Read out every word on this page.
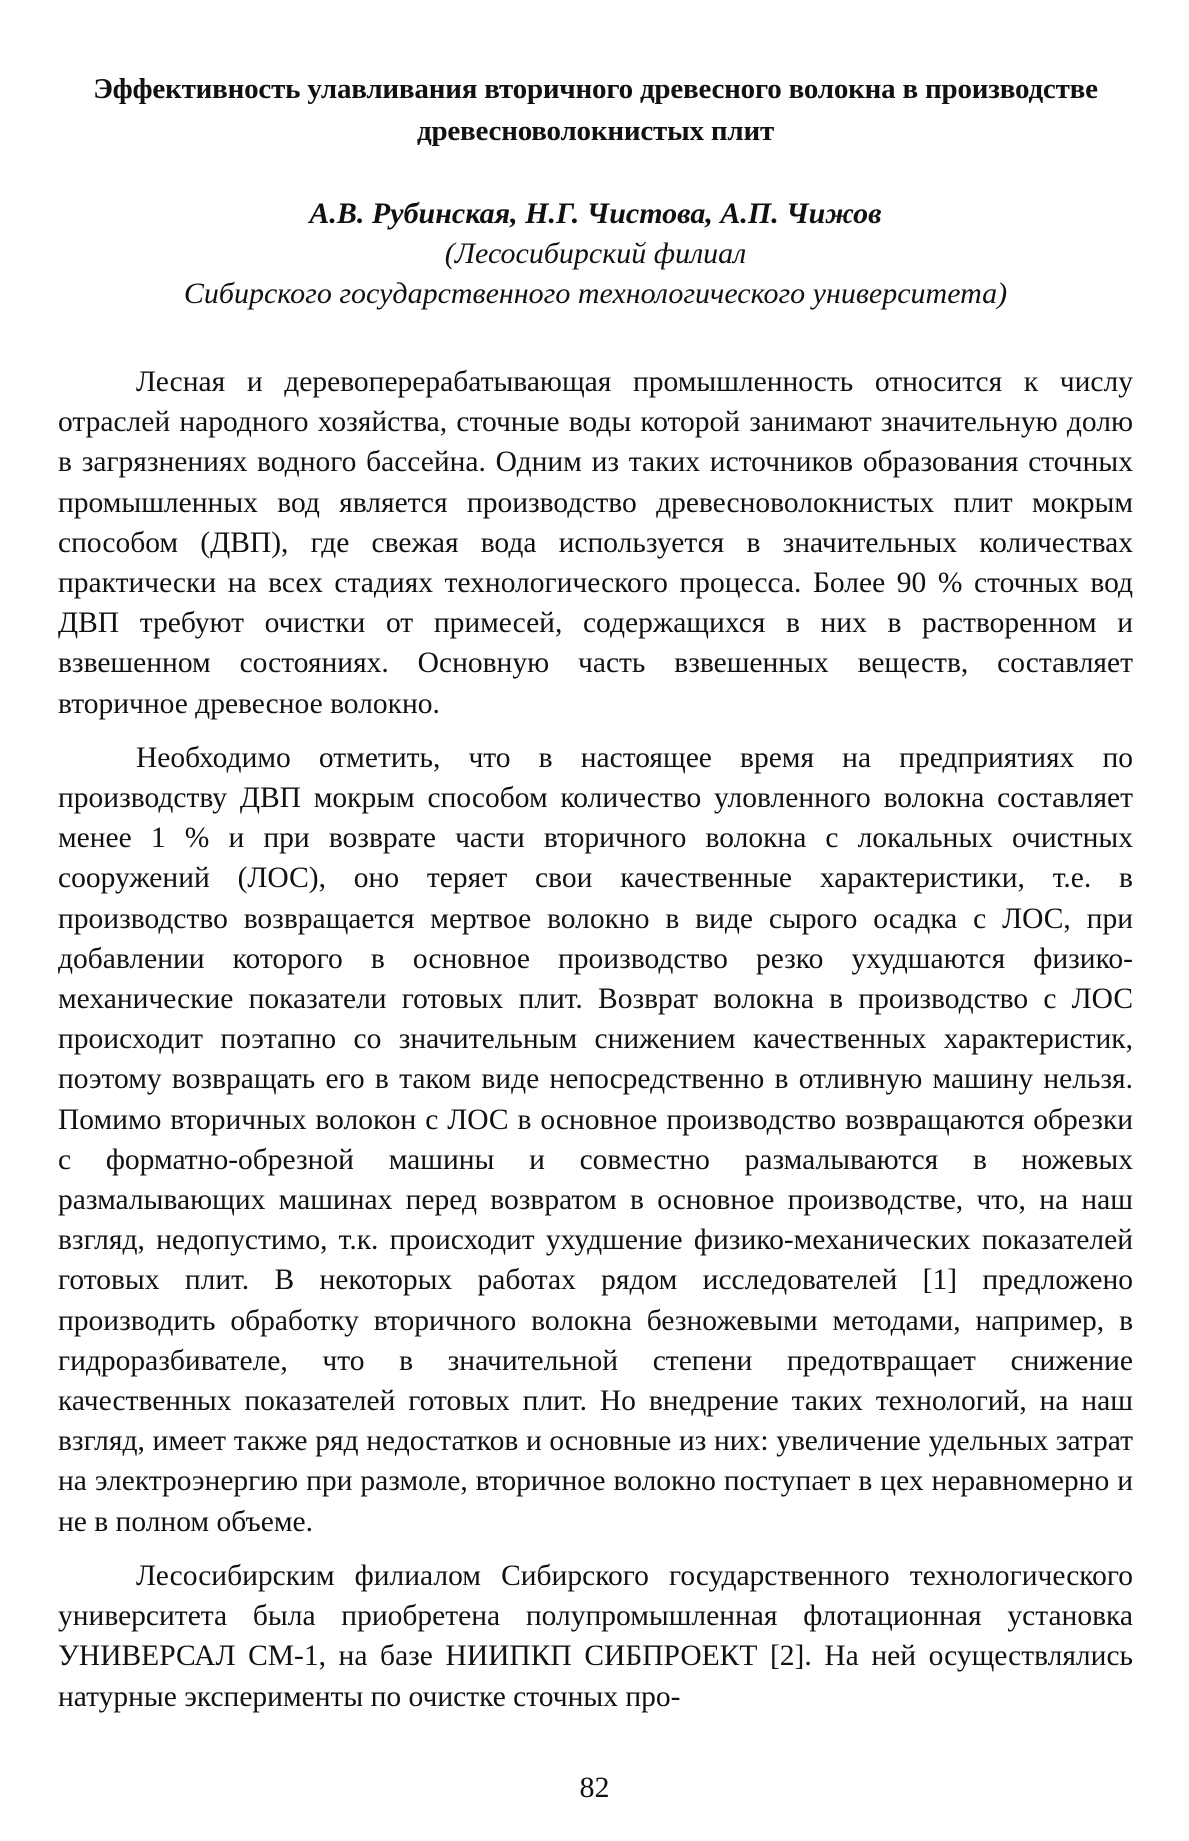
Эффективность улавливания вторичного древесного волокна в производстве древесноволокнистых плит
А.В. Рубинская, Н.Г. Чистова, А.П. Чижов
(Лесосибирский филиал
Сибирского государственного технологического университета)

Лесная и деревоперерабатывающая промышленность относится к числу отраслей народного хозяйства, сточные воды которой занимают значительную долю в загрязнениях водного бассейна. Одним из таких источников образования сточных промышленных вод является производство древесноволокнистых плит мокрым способом (ДВП), где свежая вода используется в значительных количествах практически на всех стадиях технологического процесса. Более 90 % сточных вод ДВП требуют очистки от примесей, содержащихся в них в растворенном и взвешенном состояниях. Основную часть взвешенных веществ, составляет вторичное древесное волокно.

Необходимо отметить, что в настоящее время на предприятиях по производству ДВП мокрым способом количество уловленного волокна составляет менее 1 % и при возврате части вторичного волокна с локальных очистных сооружений (ЛОС), оно теряет свои качественные характеристики, т.е. в производство возвращается мертвое волокно в виде сырого осадка с ЛОС, при добавлении которого в основное производство резко ухудшаются физико-механические показатели готовых плит. Возврат волокна в производство с ЛОС происходит поэтапно со значительным снижением качественных характеристик, поэтому возвращать его в таком виде непосредственно в отливную машину нельзя. Помимо вторичных волокон с ЛОС в основное производство возвращаются обрезки с форматно-обрезной машины и совместно размалываются в ножевых размалывающих машинах перед возвратом в основное производстве, что, на наш взгляд, недопустимо, т.к. происходит ухудшение физико-механических показателей готовых плит. В некоторых работах рядом исследователей [1] предложено производить обработку вторичного волокна безножевыми методами, например, в гидроразбивателе, что в значительной степени предотвращает снижение качественных показателей готовых плит. Но внедрение таких технологий, на наш взгляд, имеет также ряд недостатков и основные из них: увеличение удельных затрат на электроэнергию при размоле, вторичное волокно поступает в цех неравномерно и не в полном объеме.

Лесосибирским филиалом Сибирского государственного технологического университета была приобретена полупромышленная флотационная установка УНИВЕРСАЛ СМ-1, на базе НИИПКП СИБПРОЕКТ [2]. На ней осуществлялись натурные эксперименты по очистке сточных про-

82
